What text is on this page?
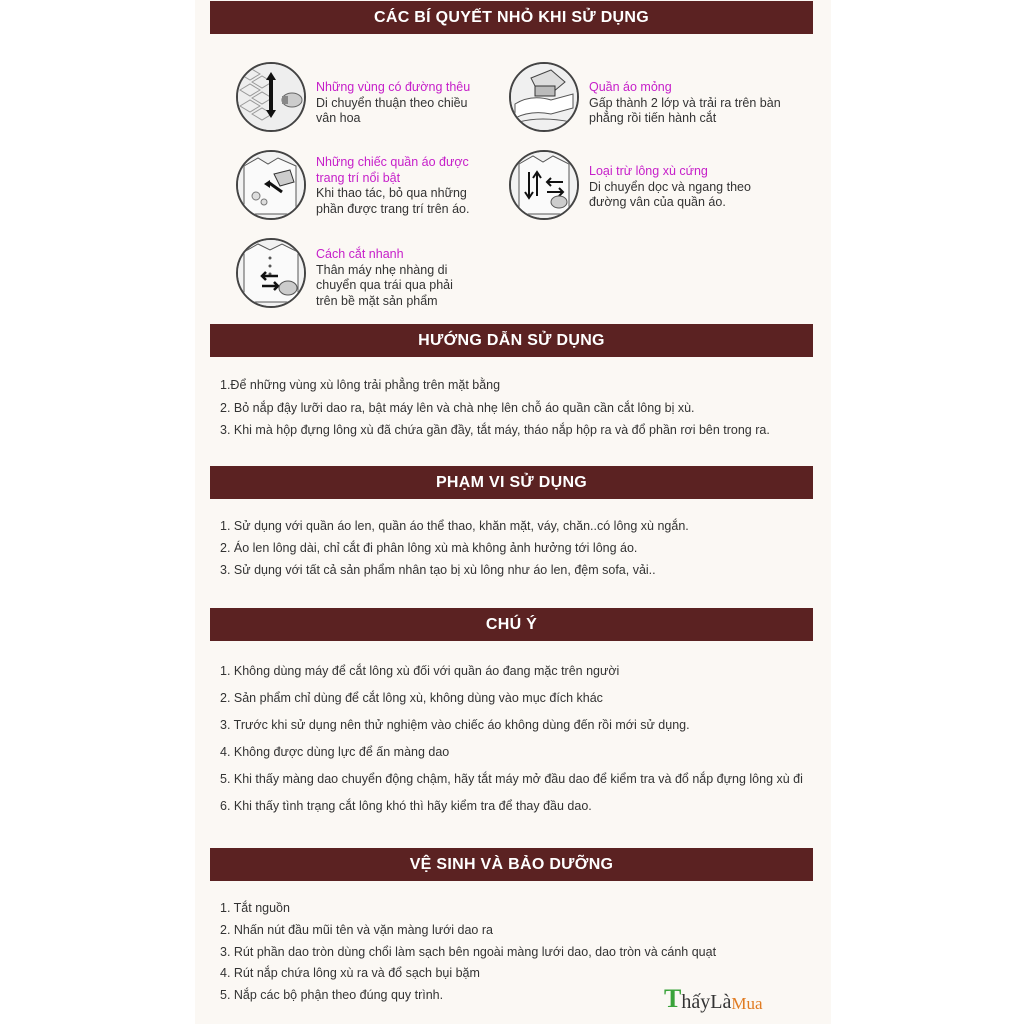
CÁC BÍ QUYẾT NHỎ KHI SỬ DỤNG
Những vùng có đường thêu
Di chuyển thuận theo chiều
vân hoa
Quần áo mỏng
Gấp thành 2 lớp và trải ra trên bàn
phẳng rồi tiến hành cắt
Những chiếc quần áo được
trang trí nổi bật
Khi thao tác, bỏ qua những
phần được trang trí trên áo.
Loại trừ lông xù cứng
Di chuyển dọc và ngang theo
đường vân của quần áo.
Cách cắt nhanh
Thân máy nhẹ nhàng di
chuyển qua trái qua phải
trên bề mặt sản phẩm
HƯỚNG DẪN SỬ DỤNG
1.Để những vùng xù lông trải phẳng trên mặt bằng
2. Bỏ nắp đậy lưỡi dao ra, bật máy lên và chà nhẹ lên chỗ áo quần cần cắt lông bị xù.
3. Khi mà hộp đựng lông xù đã chứa gần đầy, tắt máy, tháo nắp hộp ra và đổ phần rơi bên trong ra.
PHẠM VI SỬ DỤNG
1. Sử dụng với quần áo len, quần áo thể thao, khăn mặt, váy, chăn..có lông xù ngắn.
2. Áo len lông dài, chỉ cắt đi phân lông xù mà không ảnh hưởng tới lông áo.
3. Sử dụng với tất cả sản phẩm nhân tạo bị xù lông như áo len, đệm sofa, vải..
CHÚ Ý
1. Không dùng máy để cắt lông xù đối với quần áo đang mặc trên người
2. Sản phẩm chỉ dùng để cắt lông xù, không dùng vào mục đích khác
3. Trước khi sử dụng nên thử nghiệm vào chiếc áo không dùng đến rồi mới sử dụng.
4. Không được dùng lực để ấn màng dao
5. Khi thấy màng dao chuyển động chậm, hãy tắt máy mở đầu dao để kiểm tra và đổ nắp đựng lông xù đi
6. Khi thấy tình trạng cắt lông khó thì hãy kiểm tra để thay đầu dao.
VỆ SINH VÀ BẢO DƯỠNG
1. Tắt nguồn
2. Nhấn nút đầu mũi tên và vặn màng lưới dao ra
3. Rút phần dao tròn dùng chổi làm sạch bên ngoài màng lưới dao, dao tròn và cánh quạt
4. Rút nắp chứa lông xù ra và đổ sạch bụi bặm
5. Nắp các bộ phận theo đúng quy trình.	T hấy Là Mua
